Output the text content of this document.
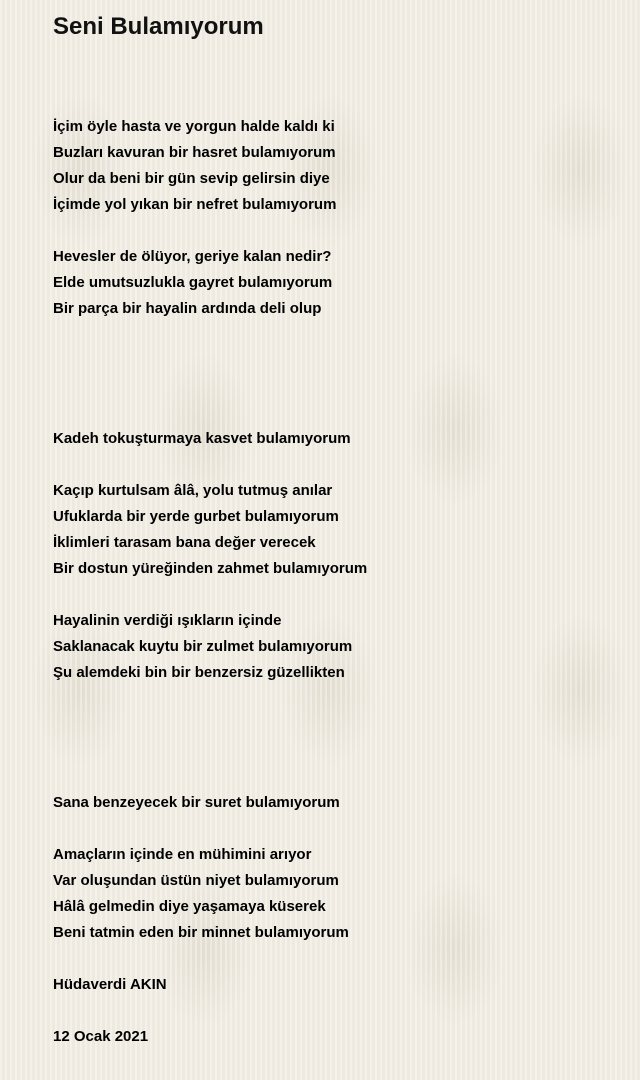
Seni Bulamıyorum
İçim öyle hasta ve yorgun halde kaldı ki
Buzları kavuran bir hasret bulamıyorum
Olur da beni bir gün sevip gelirsin diye
İçimde yol yıkan bir nefret bulamıyorum
Hevesler de ölüyor, geriye kalan nedir?
Elde umutsuzlukla gayret bulamıyorum
Bir parça bir hayalin ardında deli olup
Kadeh tokuşturmaya kasvet bulamıyorum
Kaçıp kurtulsam âlâ, yolu tutmuş anılar
Ufuklarda bir yerde gurbet bulamıyorum
İklimleri tarasam bana değer verecek
Bir dostun yüreğinden zahmet bulamıyorum
Hayalinin verdiği ışıkların içinde
Saklanacak kuytu bir zulmet bulamıyorum
Şu alemdeki bin bir benzersiz güzellikten
Sana benzeyecek bir suret bulamıyorum
Amaçların içinde en mühimini arıyor
Var oluşundan üstün niyet bulamıyorum
Hâlâ gelmedin diye yaşamaya küserek
Beni tatmin eden bir minnet bulamıyorum
Hüdaverdi AKIN
12 Ocak 2021
